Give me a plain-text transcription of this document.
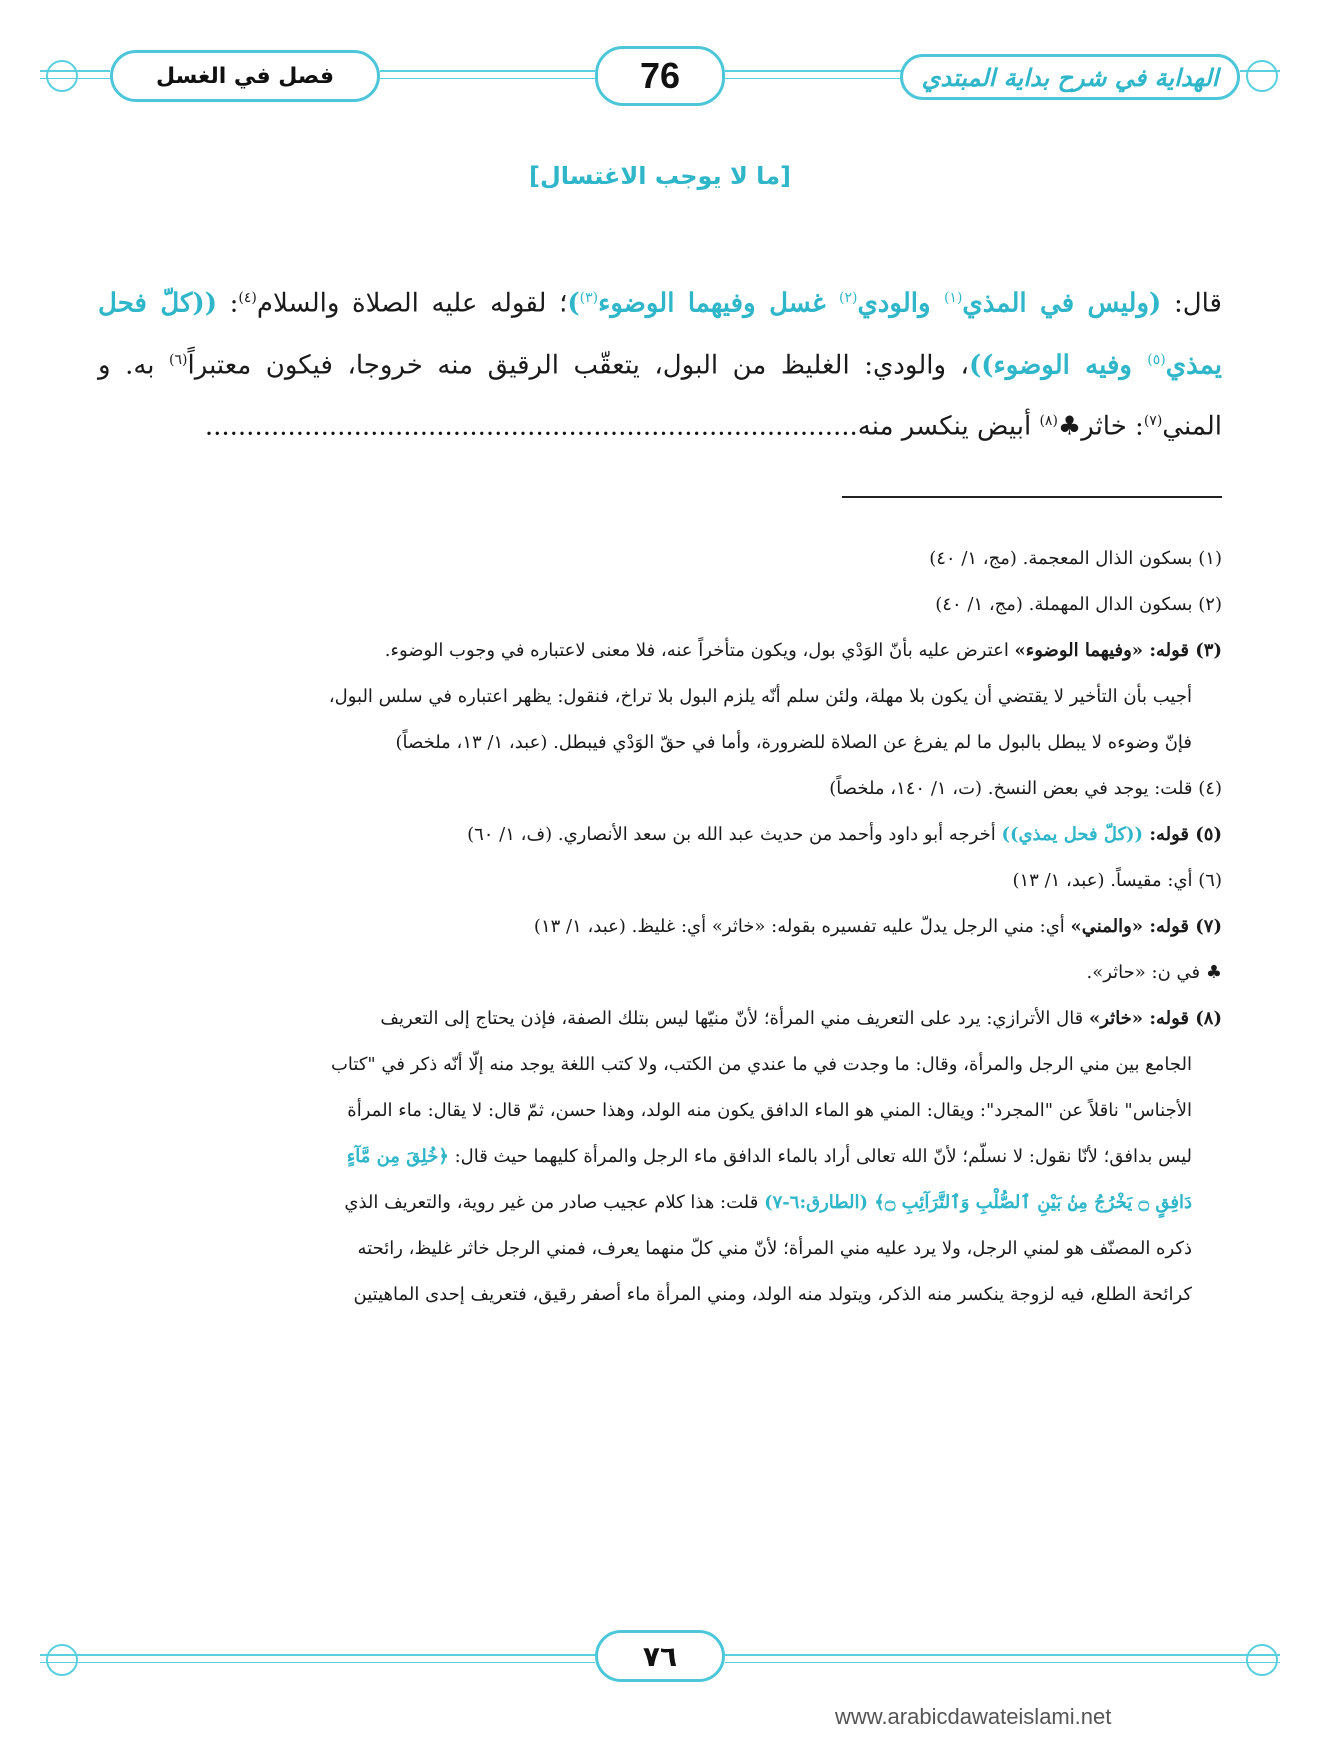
فصل في الغسل	76	الهداية في شرح بداية المبتدي
[ما لا يوجب الاغتسال]
قال: (وليس في المذي$^{(١)}$ والودي$^{(٢)}$ غسل وفيهما الوضوء$^{(٣)}$)؛ لقوله عليه الصلاة والسلام$^{(٤)}$: ((كلّ فحل يمذي$^{(٥)}$ وفيه الوضوء))، والودي: الغليظ من البول، يتعقّب الرقيق منه خروجا، فيكون معتبراً$^{(٦)}$ به. و المني$^{(٧)}$: خاثر♣$^{(٨)}$ أبيض ينكسر منه...............................................................................

(١) بسكون الذال المعجمة. (مج، ١/ ٤٠)

(٢) بسكون الدال المهملة. (مج، ١/ ٤٠)

(٣) قوله: «وفيهما الوضوء» اعترض عليه بأنّ الوَدْي بول، ويكون متأخراً عنه، فلا معنى لاعتباره في وجوب الوضوء.

أجيب بأن التأخير لا يقتضي أن يكون بلا مهلة، ولئن سلم أنّه يلزم البول بلا تراخ، فنقول: يظهر اعتباره في سلس البول،

فإنّ وضوءه لا يبطل بالبول ما لم يفرغ عن الصلاة للضرورة، وأما في حقّ الوَدْي فيبطل. (عبد، ١/ ١٣، ملخصاً)

(٤) قلت: يوجد في بعض النسخ. (ت، ١/ ١٤٠، ملخصاً)

(٥) قوله: ((كلّ فحل يمذي)) أخرجه أبو داود وأحمد من حديث عبد الله بن سعد الأنصاري. (ف، ١/ ٦٠)

(٦) أي: مقيساً. (عبد، ١/ ١٣)

(٧) قوله: «والمني» أي: مني الرجل يدلّ عليه تفسيره بقوله: «خاثر» أي: غليظ. (عبد، ١/ ١٣)

♣ في ن: «حاثر».

(٨) قوله: «خاثر» قال الأترازي: يرد على التعريف مني المرأة؛ لأنّ منيّها ليس بتلك الصفة، فإذن يحتاج إلى التعريف

الجامع بين مني الرجل والمرأة، وقال: ما وجدت في ما عندي من الكتب، ولا كتب اللغة يوجد منه إلّا أنّه ذكر في "كتاب

الأجناس" ناقلاً عن "المجرد": ويقال: المني هو الماء الدافق يكون منه الولد، وهذا حسن، ثمّ قال: لا يقال: ماء المرأة

ليس بدافق؛ لأنّا نقول: لا نسلّم؛ لأنّ الله تعالى أراد بالماء الدافق ماء الرجل والمرأة كليهما حيث قال: ﴿خُلِقَ مِن مَّآءٍ

دَافِقٍ ۝ يَخْرُجُ مِنۢ بَيْنِ ٱلصُّلْبِ وَٱلتَّرَآئِبِ ۝﴾ (الطارق:٦-٧) قلت: هذا كلام عجيب صادر من غير روية، والتعريف الذي

ذكره المصنّف هو لمني الرجل، ولا يرد عليه مني المرأة؛ لأنّ مني كلّ منهما يعرف، فمني الرجل خاثر غليظ، رائحته

كرائحة الطلع، فيه لزوجة ينكسر منه الذكر، ويتولد منه الولد، ومني المرأة ماء أصفر رقيق، فتعريف إحدى الماهيتين

٧٦
www.arabicdawateislami.net
